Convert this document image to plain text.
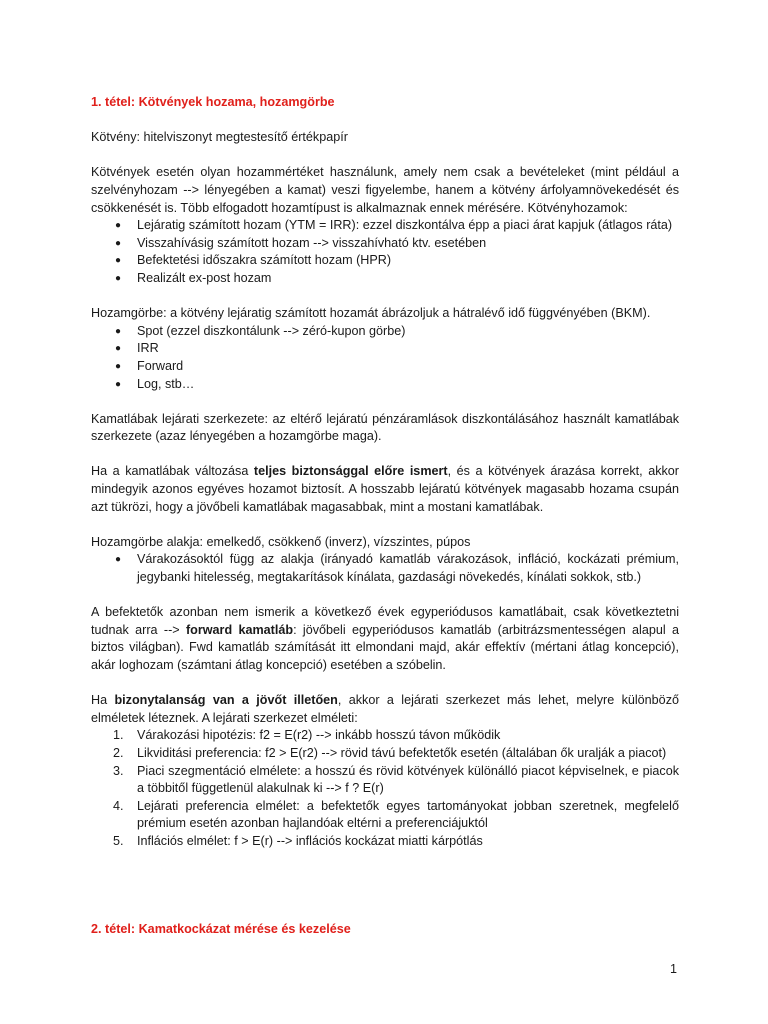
1. tétel: Kötvények hozama, hozamgörbe

Kötvény: hitelviszonyt megtestesítő értékpapír

Kötvények esetén olyan hozammértéket használunk, amely nem csak a bevételeket (mint például a szelvényhozam --> lényegében a kamat) veszi figyelembe, hanem a kötvény árfolyamnövekedését és csökkenését is. Több elfogadott hozamtípust is alkalmaznak ennek mérésére. Kötvényhozamok:

● Lejáratig számított hozam (YTM = IRR): ezzel diszkontálva épp a piaci árat kapjuk (átlagos ráta)
● Visszahívásig számított hozam --> visszahívható ktv. esetében
● Befektetési időszakra számított hozam (HPR)
● Realizált ex-post hozam

Hozamgörbe: a kötvény lejáratig számított hozamát ábrázoljuk a hátralévő idő függvényében (BKM).

● Spot (ezzel diszkontálunk --> zéró-kupon görbe)
● IRR
● Forward
● Log, stb…

Kamatlábak lejárati szerkezete: az eltérő lejáratú pénzáramlások diszkontálásához használt kamatlábak szerkezete (azaz lényegében a hozamgörbe maga).

Ha a kamatlábak változása teljes biztonsággal előre ismert, és a kötvények árazása korrekt, akkor mindegyik azonos egyéves hozamot biztosít. A hosszabb lejáratú kötvények magasabb hozama csupán azt tükrözi, hogy a jövőbeli kamatlábak magasabbak, mint a mostani kamatlábak.

Hozamgörbe alakja: emelkedő, csökkenő (inverz), vízszintes, púpos

● Várakozásoktól függ az alakja (irányadó kamatláb várakozások, infláció, kockázati prémium, jegybanki hitelesség, megtakarítások kínálata, gazdasági növekedés, kínálati sokkok, stb.)

A befektetők azonban nem ismerik a következő évek egyperiódusos kamatlábait, csak következtetni tudnak arra --> forward kamatláb: jövőbeli egyperiódusos kamatláb (arbitrázsmentességen alapul a biztos világban). Fwd kamatláb számítását itt elmondani majd, akár effektív (mértani átlag koncepció), akár loghozam (számtani átlag koncepció) esetében a szóbelin.

Ha bizonytalanság van a jövőt illetően, akkor a lejárati szerkezet más lehet, melyre különböző elméletek léteznek. A lejárati szerkezet elméleti:

1. Várakozási hipotézis: f2 = E(r2) --> inkább hosszú távon működik
2. Likviditási preferencia: f2 > E(r2) --> rövid távú befektetők esetén (általában ők uralják a piacot)
3. Piaci szegmentáció elmélete: a hosszú és rövid kötvények különálló piacot képviselnek, e piacok a többitől függetlenül alakulnak ki --> f ? E(r)
4. Lejárati preferencia elmélet: a befektetők egyes tartományokat jobban szeretnek, megfelelő prémium esetén azonban hajlandóak eltérni a preferenciájuktól
5. Inflációs elmélet: f > E(r) --> inflációs kockázat miatti kárpótlás

2. tétel: Kamatkockázat mérése és kezelése

1
